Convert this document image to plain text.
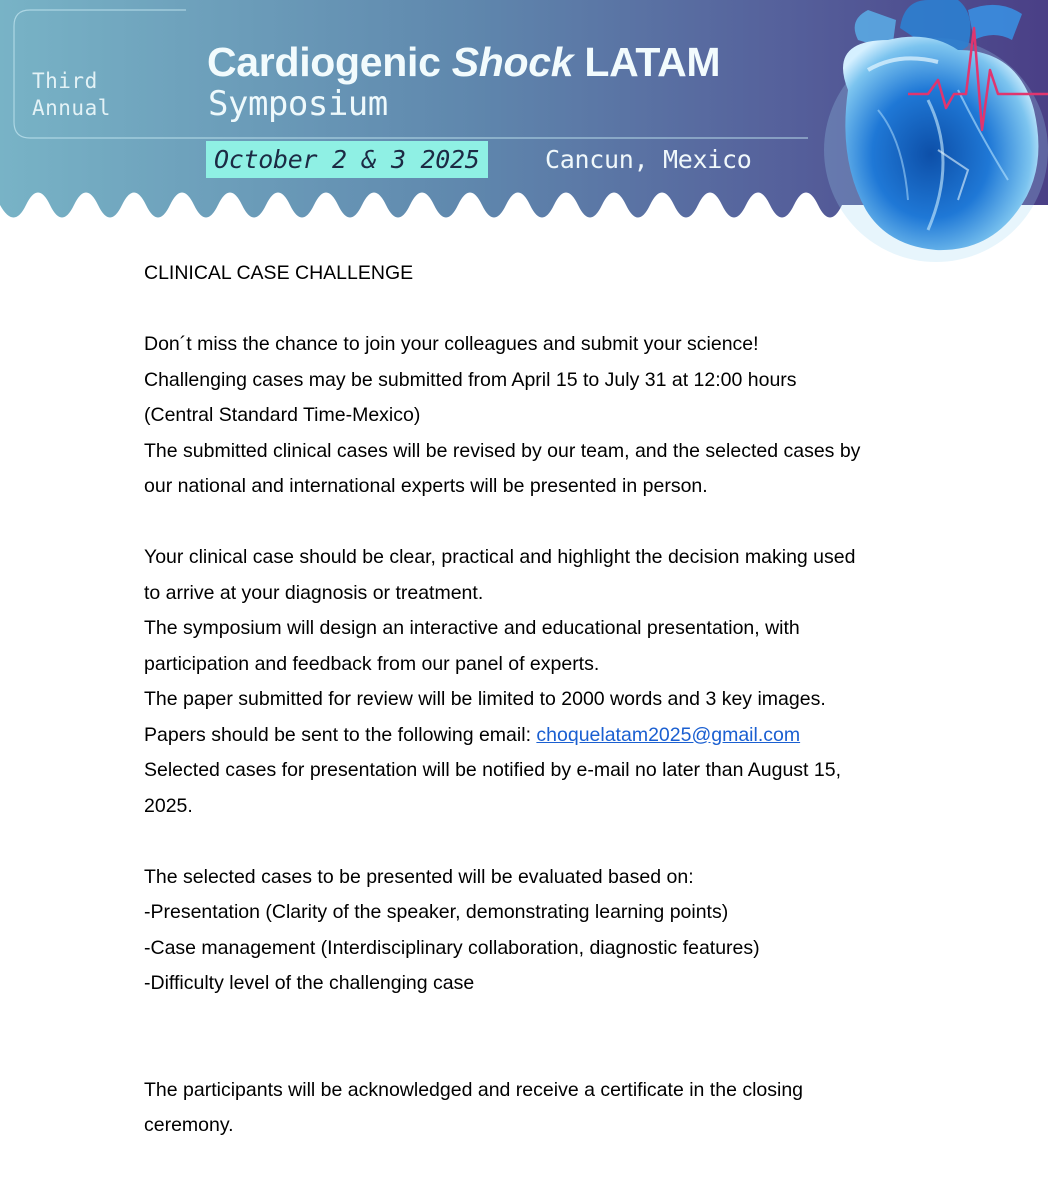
Third
Annual
Cardiogenic Shock LATAM
Symposium
October 2 & 3 2025	Cancun, Mexico

CLINICAL CASE CHALLENGE

Don´t miss the chance to join your colleagues and submit your science!

Challenging cases may be submitted from April 15 to July 31 at 12:00 hours

(Central Standard Time-Mexico)

The submitted clinical cases will be revised by our team, and the selected cases by

our national and international experts will be presented in person.

Your clinical case should be clear, practical and highlight the decision making used

to arrive at your diagnosis or treatment.

The symposium will design an interactive and educational presentation, with

participation and feedback from our panel of experts.

The paper submitted for review will be limited to 2000 words and 3 key images.

Papers should be sent to the following email: choquelatam2025@gmail.com

Selected cases for presentation will be notified by e-mail no later than August 15,

2025.

The selected cases to be presented will be evaluated based on:

-Presentation (Clarity of the speaker, demonstrating learning points)

-Case management (Interdisciplinary collaboration, diagnostic features)

-Difficulty level of the challenging case

The participants will be acknowledged and receive a certificate in the closing

ceremony.
